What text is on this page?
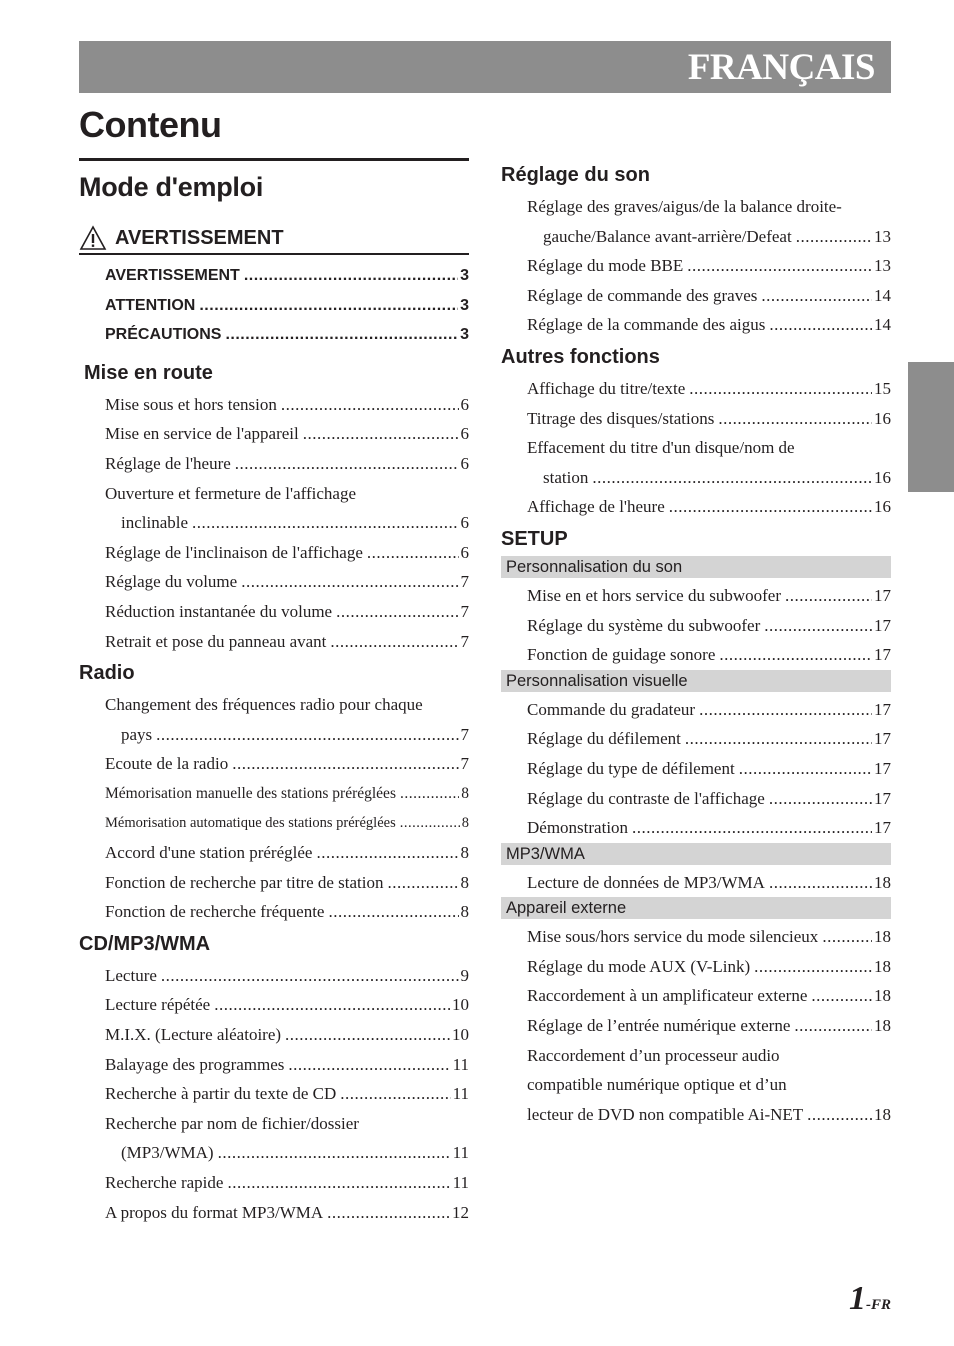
FRANÇAIS
Contenu
Mode d'emploi
AVERTISSEMENT
AVERTISSEMENT .....	3
ATTENTION .....	3
PRÉCAUTIONS .....	3
Mise en route
Mise sous et hors tension .....	6
Mise en service de l'appareil .....	6
Réglage de l'heure .....	6
Ouverture et fermeture de l'affichage
inclinable .....	6
Réglage de l'inclinaison de l'affichage .....	6
Réglage du volume .....	7
Réduction instantanée du volume .....	7
Retrait et pose du panneau avant .....	7
Radio
Changement des fréquences radio pour chaque
pays .....	7
Ecoute de la radio .....	7
Mémorisation manuelle des stations préréglées .....	8
Mémorisation automatique des stations préréglées .....	8
Accord d'une station préréglée .....	8
Fonction de recherche par titre de station .....	8
Fonction de recherche fréquente .....	8
CD/MP3/WMA
Lecture .....	9
Lecture répétée .....	10
M.I.X. (Lecture aléatoire) .....	10
Balayage des programmes .....	11
Recherche à partir du texte de CD .....	11
Recherche par nom de fichier/dossier
(MP3/WMA) .....	11
Recherche rapide .....	11
A propos du format MP3/WMA .....	12
Réglage du son
Réglage des graves/aigus/de la balance droite-
gauche/Balance avant-arrière/Defeat .....	13
Réglage du mode BBE .....	13
Réglage de commande des graves .....	14
Réglage de la commande des aigus .....	14
Autres fonctions
Affichage du titre/texte .....	15
Titrage des disques/stations .....	16
Effacement du titre d'un disque/nom de
station .....	16
Affichage de l'heure .....	16
SETUP
Personnalisation du son
Mise en et hors service du subwoofer .....	17
Réglage du système du subwoofer .....	17
Fonction de guidage sonore .....	17
Personnalisation visuelle
Commande du gradateur .....	17
Réglage du défilement .....	17
Réglage du type de défilement .....	17
Réglage du contraste de l'affichage .....	17
Démonstration .....	17
MP3/WMA
Lecture de données de MP3/WMA .....	18
Appareil externe
Mise sous/hors service du mode silencieux .....	18
Réglage du mode AUX (V-Link) .....	18
Raccordement à un amplificateur externe .....	18
Réglage de l’entrée numérique externe .....	18
Raccordement d’un processeur audio
compatible numérique optique et d’un
lecteur de DVD non compatible Ai-NET .....	18
1-FR
